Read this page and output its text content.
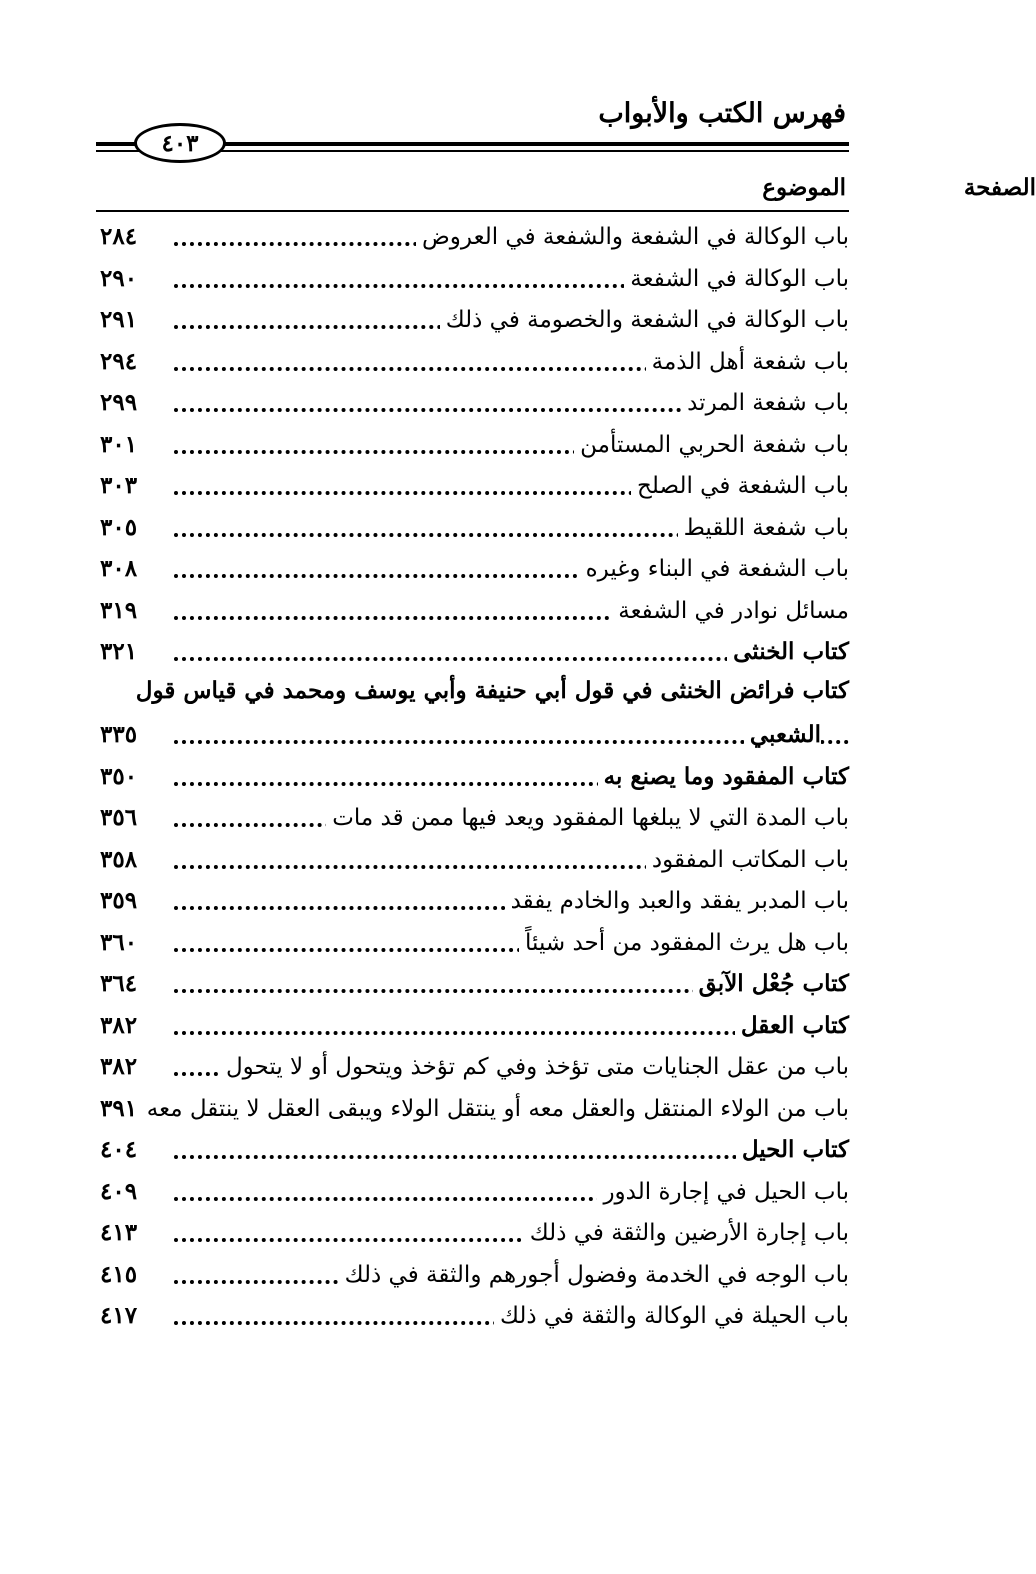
فهرس الكتب والأبواب
٤٠٣
الموضوع	الصفحة
باب الوكالة في الشفعة والشفعة في العروض
٢٨٤
باب الوكالة في الشفعة
٢٩٠
باب الوكالة في الشفعة والخصومة في ذلك
٢٩١
باب شفعة أهل الذمة
٢٩٤
باب شفعة المرتد
٢٩٩
باب شفعة الحربي المستأمن
٣٠١
باب الشفعة في الصلح
٣٠٣
باب شفعة اللقيط
٣٠٥
باب الشفعة في البناء وغيره
٣٠٨
مسائل نوادر في الشفعة
٣١٩
كتاب الخنثى
٣٢١
كتاب فرائض الخنثى في قول أبي حنيفة وأبي يوسف ومحمد في قياس قول
الشعبي
٣٣٥
كتاب المفقود وما يصنع به
٣٥٠
باب المدة التي لا يبلغها المفقود ويعد فيها ممن قد مات
٣٥٦
باب المكاتب المفقود
٣٥٨
باب المدبر يفقد والعبد والخادم يفقد
٣٥٩
باب هل يرث المفقود من أحد شيئاً
٣٦٠
كتاب جُعْل الآبق
٣٦٤
كتاب العقل
٣٨٢
باب من عقل الجنايات متى تؤخذ وفي كم تؤخذ ويتحول أو لا يتحول
٣٨٢
باب من الولاء المنتقل والعقل معه أو ينتقل الولاء ويبقى العقل لا ينتقل معه
٣٩١
كتاب الحيل
٤٠٤
باب الحيل في إجارة الدور
٤٠٩
باب إجارة الأرضين والثقة في ذلك
٤١٣
باب الوجه في الخدمة وفضول أجورهم والثقة في ذلك
٤١٥
باب الحيلة في الوكالة والثقة في ذلك
٤١٧
